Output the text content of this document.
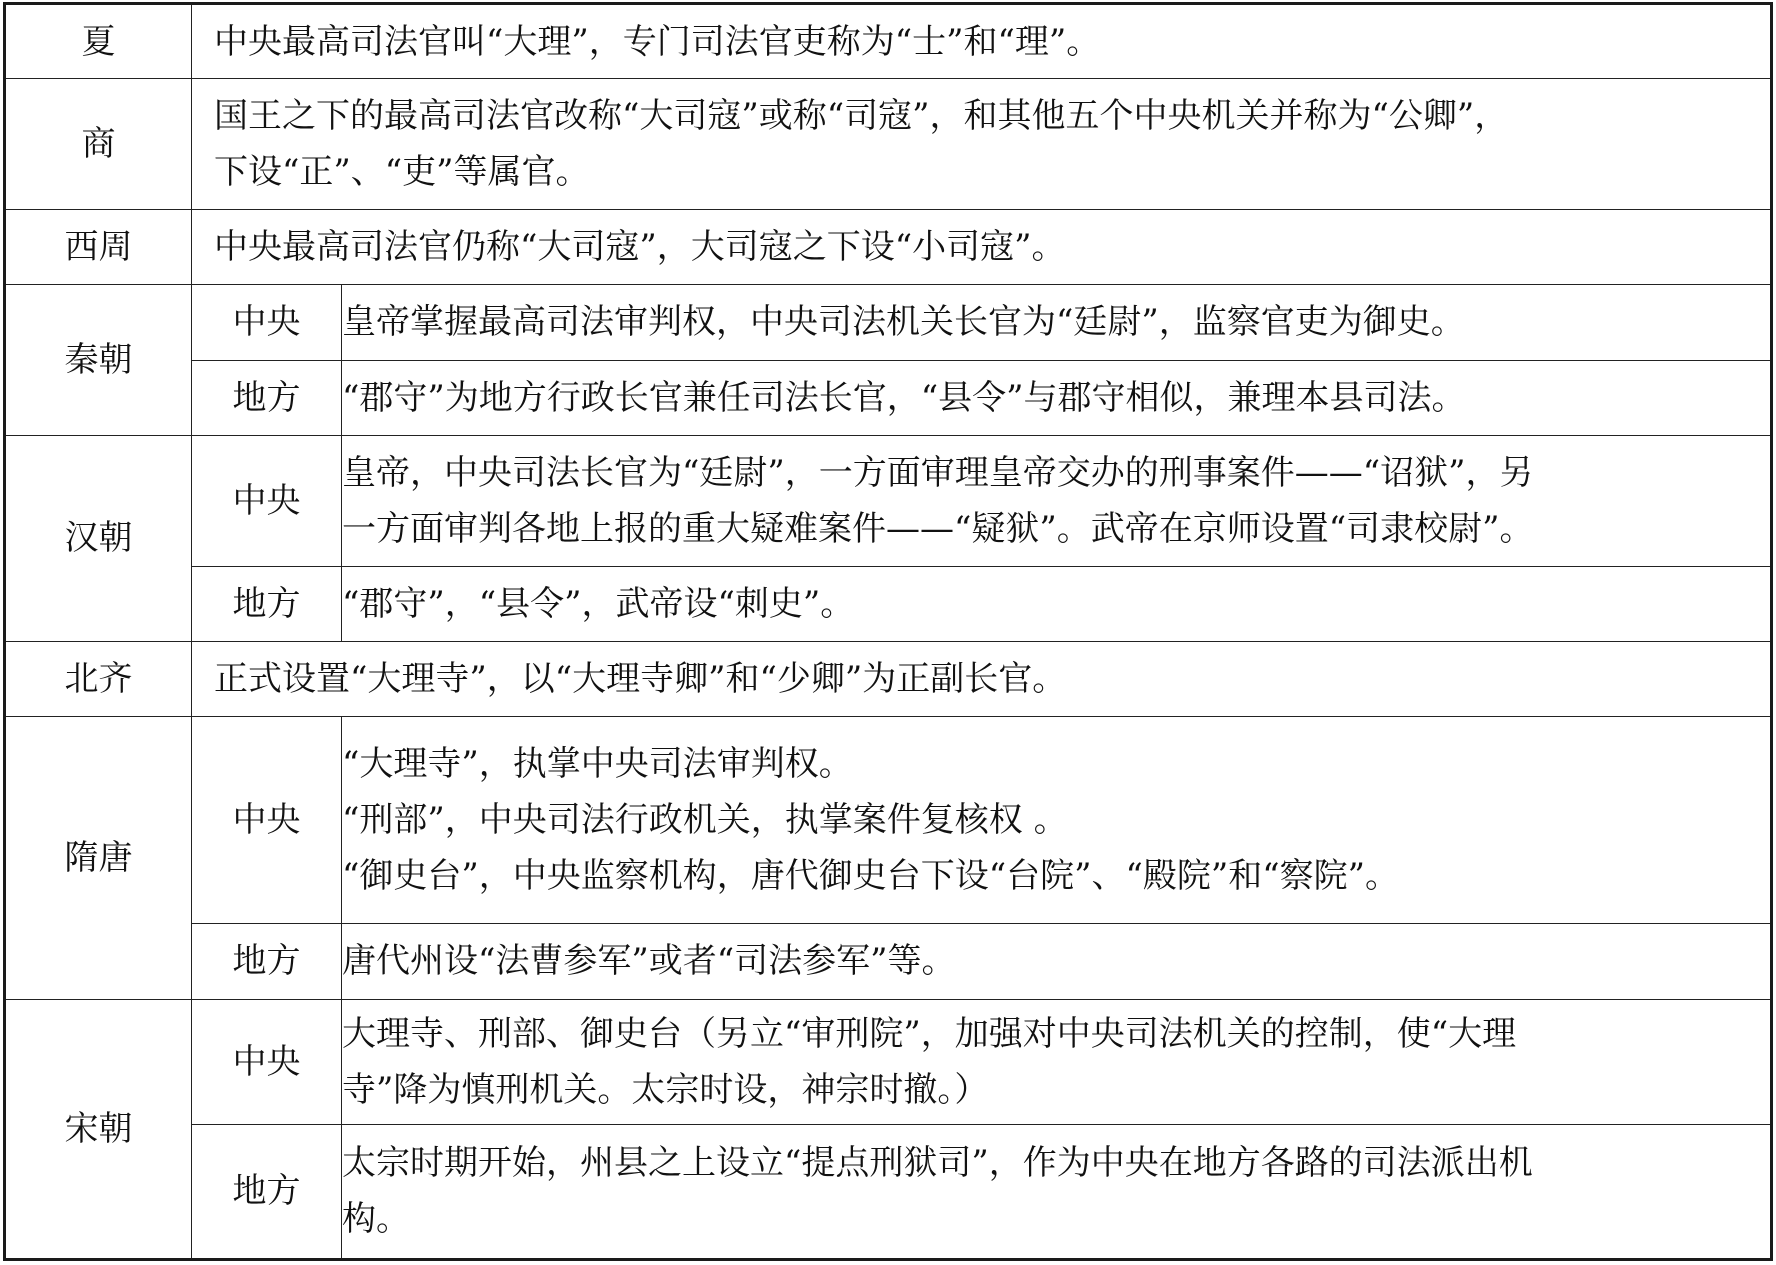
夏	中央最高司法官叫“大理”，专门司法官吏称为“士”和“理”。	

商	国王之下的最高司法官改称“大司寇”或称“司寇”，和其他五个中央机关并称为“公卿”，
下设“正”、“吏”等属官。	

西周	中央最高司法官仍称“大司寇”，大司寇之下设“小司寇”。	

秦朝	中央	皇帝掌握最高司法审判权，中央司法机关长官为“廷尉”，监察官吏为御史。

	地方	“郡守”为地方行政长官兼任司法长官，“县令”与郡守相似，兼理本县司法。

汉朝	中央	皇帝，中央司法长官为“廷尉”，一方面审理皇帝交办的刑事案件——“诏狱”，另
一方面审判各地上报的重大疑难案件——“疑狱”。武帝在京师设置“司隶校尉”。

	地方	“郡守”，“县令”，武帝设“刺史”。

北齐	正式设置“大理寺”，以“大理寺卿”和“少卿”为正副长官。	

隋唐	中央	“大理寺”，执掌中央司法审判权。
“刑部”，中央司法行政机关，执掌案件复核权 。
“御史台”，中央监察机构，唐代御史台下设“台院”、“殿院”和“察院”。

	地方	唐代州设“法曹参军”或者“司法参军”等。

宋朝	中央	大理寺、刑部、御史台（另立“审刑院”，加强对中央司法机关的控制，使“大理
寺”降为慎刑机关。太宗时设，神宗时撤。）

	地方	太宗时期开始，州县之上设立“提点刑狱司”，作为中央在地方各路的司法派出机
构。
